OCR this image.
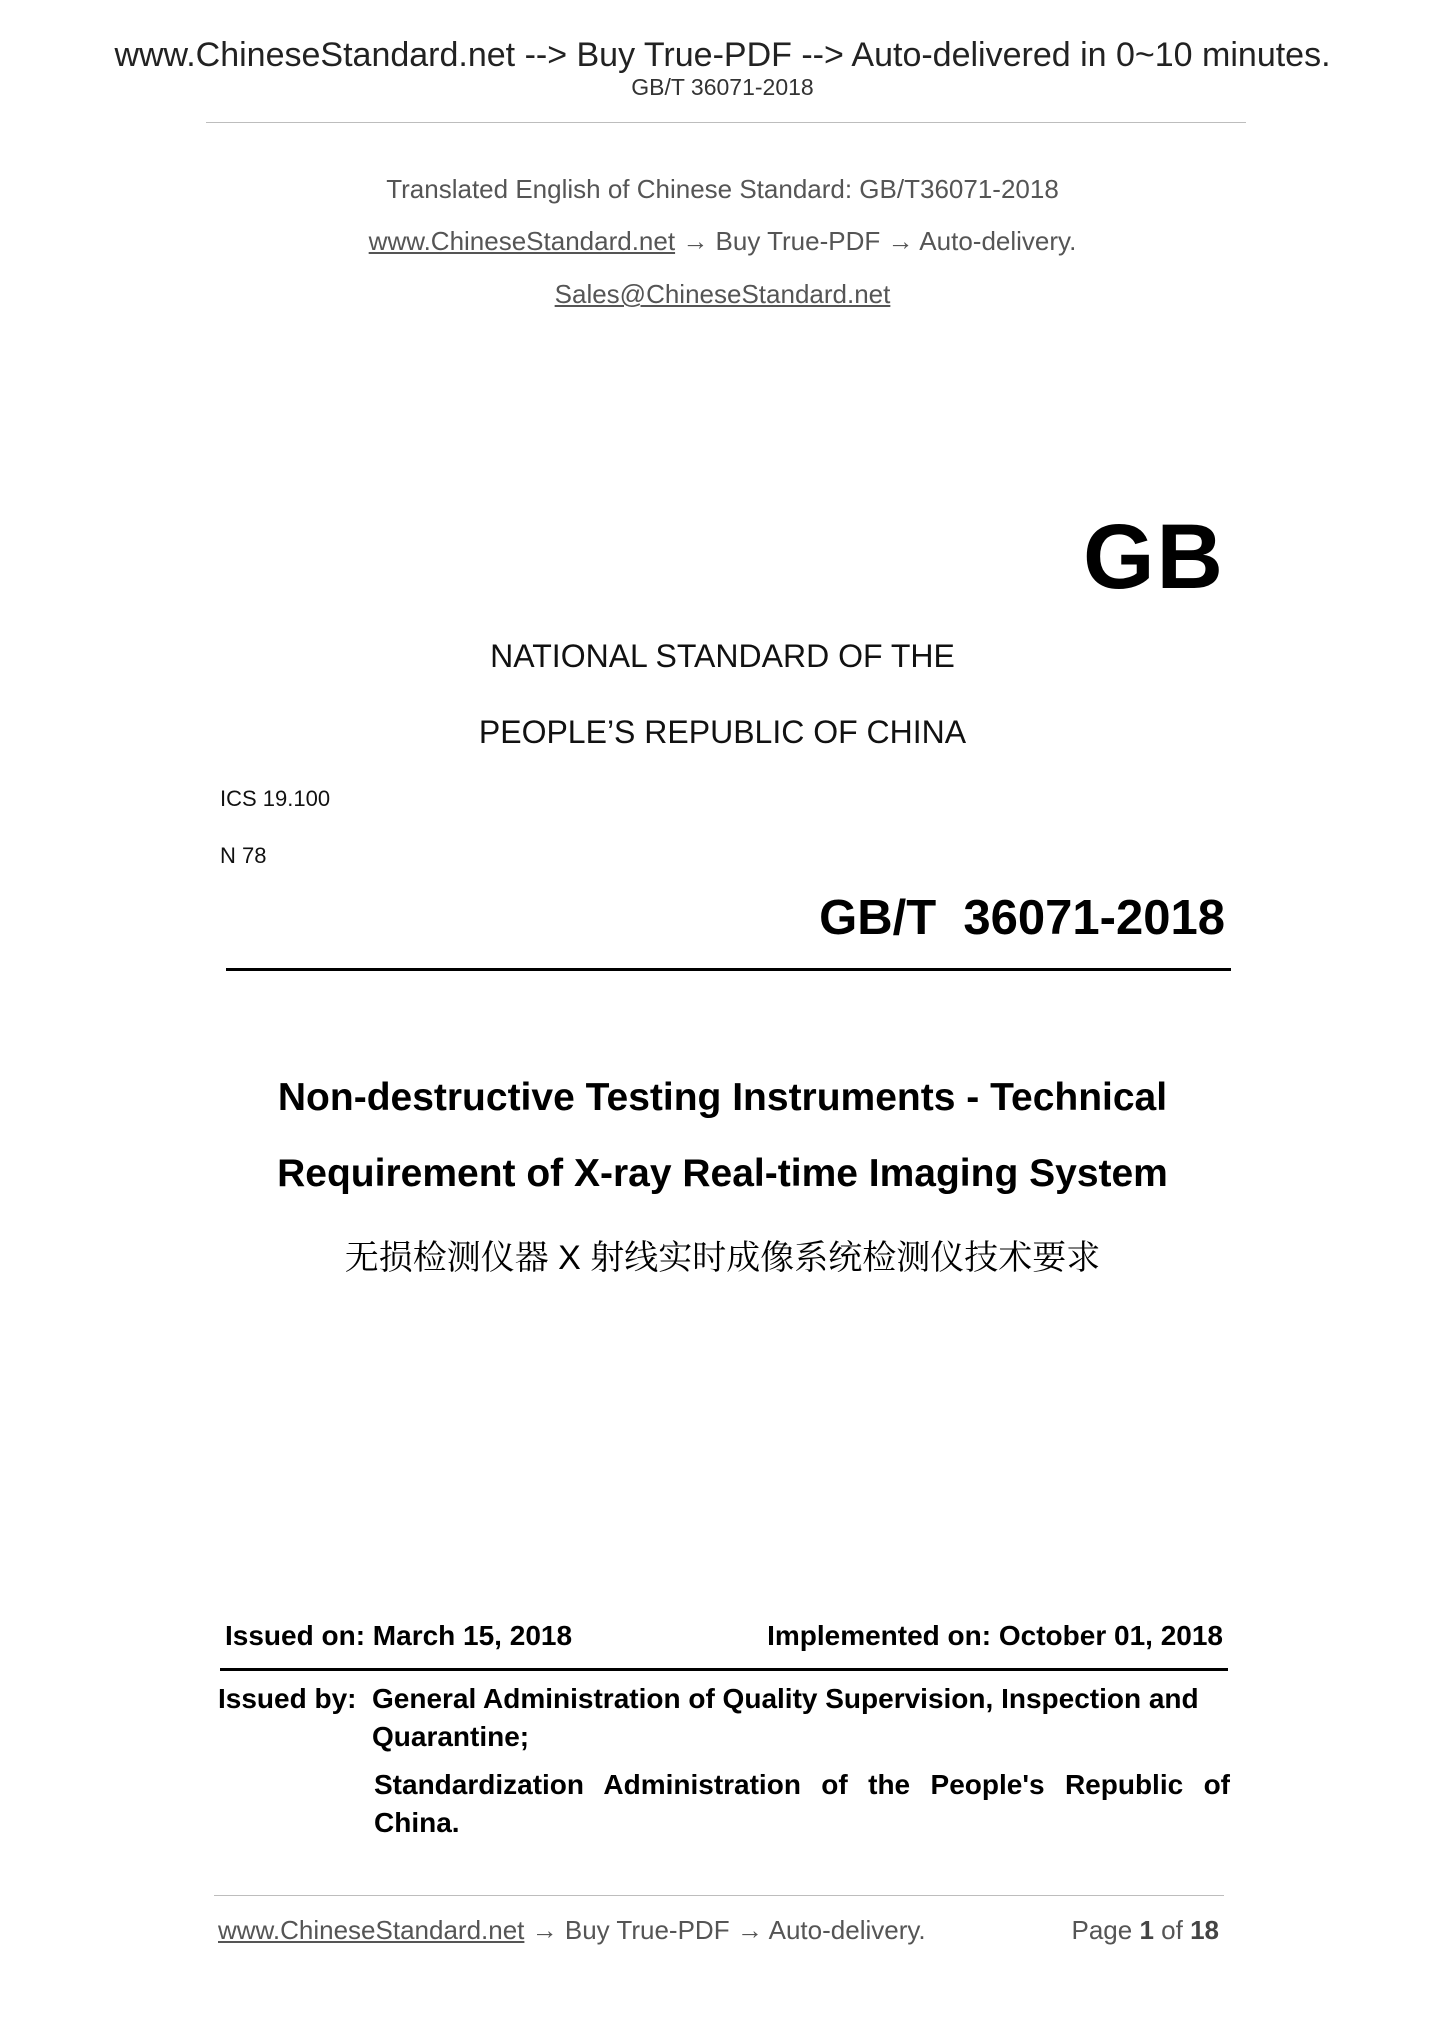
www.ChineseStandard.net --> Buy True-PDF --> Auto-delivered in 0~10 minutes.
GB/T 36071-2018
Translated English of Chinese Standard: GB/T36071-2018
www.ChineseStandard.net → Buy True-PDF → Auto-delivery.
Sales@ChineseStandard.net
GB
NATIONAL STANDARD OF THE
PEOPLE’S REPUBLIC OF CHINA
ICS 19.100
N 78
GB/T  36071-2018
Non-destructive Testing Instruments - Technical
Requirement of X-ray Real-time Imaging System
无损检测仪器 X 射线实时成像系统检测仪技术要求
Issued on: March 15, 2018	Implemented on: October 01, 2018
Issued by: General Administration of Quality Supervision, Inspection and
Quarantine;
Standardization Administration of the People's Republic of
China.
www.ChineseStandard.net → Buy True-PDF → Auto-delivery.	Page 1 of 18
